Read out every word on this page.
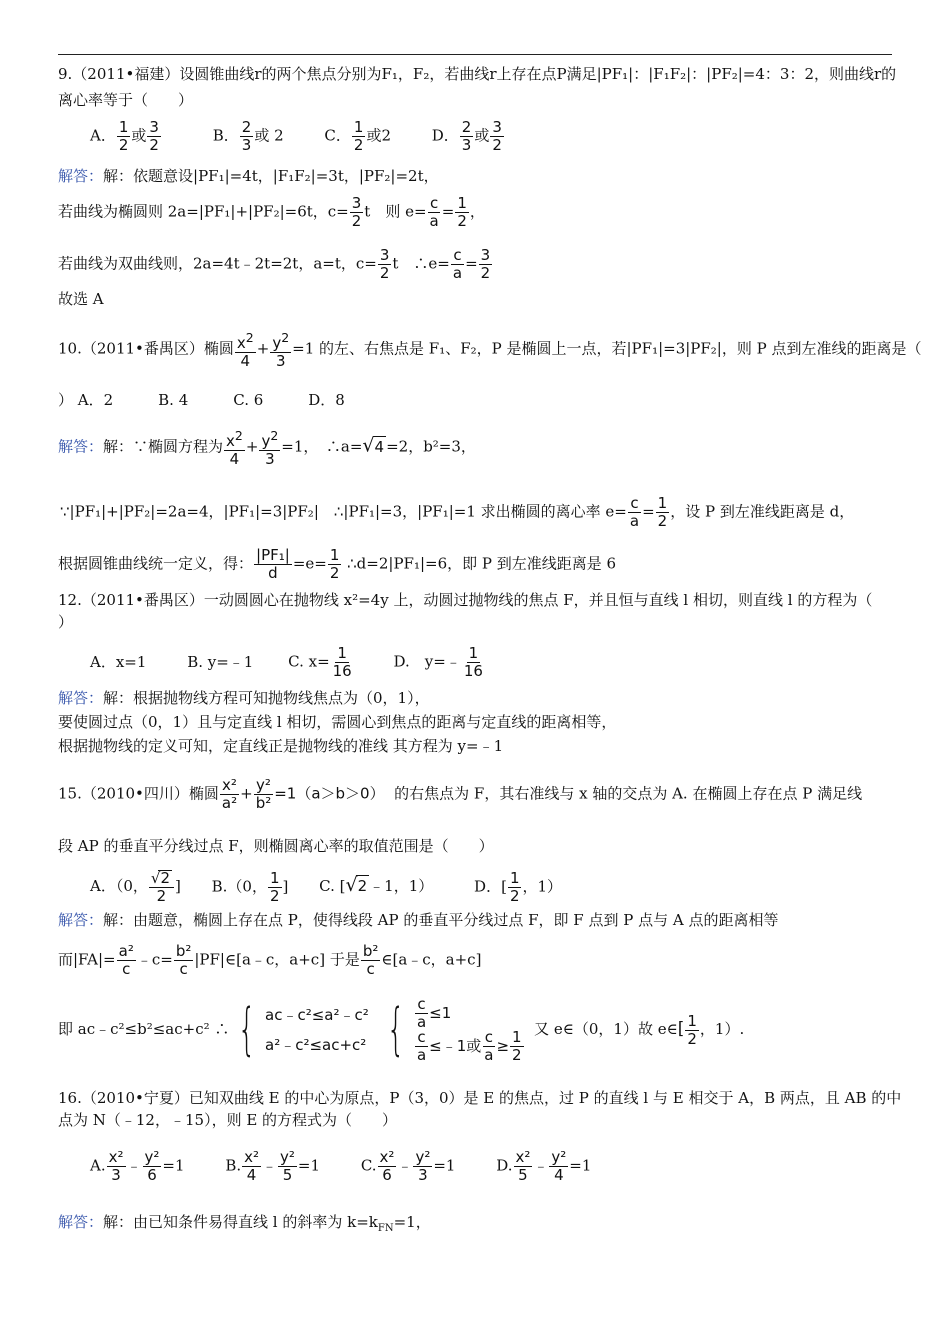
9.（2011•福建）设圆锥曲线r的两个焦点分别为F₁，F₂，若曲线r上存在点P满足|PF₁|：|F₁F₂|：|PF₂|=4：3：2，则曲线r的
离心率等于（　　）
A． $\frac{1}{2}$ 或 $\frac{3}{2}$	B． $\frac{2}{3}$ 或 2	C． $\frac{1}{2}$ 或2	D． $\frac{2}{3}$ 或 $\frac{3}{2}$
解答：解：依题意设|PF₁|=4t，|F₁F₂|=3t，|PF₂|=2t，
若曲线为椭圆则 2a=|PF₁|+|PF₂|=6t，$c= \frac{3}{2}$ t　则 $e= \frac{c}{a} = \frac{1}{2}$ ，
若曲线为双曲线则，2a=4t﹣2t=2t，a=t，$c= \frac{3}{2}$ t　∴e= $\frac{c}{a} = \frac{3}{2}$
故选 A
10.（2011•番禺区）椭圆 $\frac{x^2}{4} + \frac{y^2}{3} =1$ 的左、右焦点是 F₁、F₂，P 是椭圆上一点，若|PF₁|=3|PF₂|，则 P 点到左准线的距离是（
） A．2　　　B. 4　　　C. 6　　　D．8
解答：解：∵椭圆方程为 $\frac{x^2}{4} + \frac{y^2}{3} =1$，　∴a=√4 =2，b²=3，
∵|PF₁|+|PF₂|=2a=4，|PF₁|=3|PF₂|　∴|PF₁|=3，|PF₁|=1 求出椭圆的离心率 $e= \frac{c}{a} = \frac{1}{2}$ ，设 P 到左准线距离是 d，
根据圆锥曲线统一定义，得： $\frac{\text{|PF₁|}}{d} =e= \frac{1}{2}$ ∴d=2|PF₁|=6，即 P 到左准线距离是 6
12.（2011•番禺区）一动圆圆心在抛物线 x²=4y 上，动圆过抛物线的焦点 F，并且恒与直线 l 相切，则直线 l 的方程为（
）
A．x=1	B. y=﹣1 C. $x= \frac{1}{16}$	D.　y=﹣ $\frac{1}{16}$
解答：解：根据抛物线方程可知抛物线焦点为（0，1），
要使圆过点（0，1）且与定直线 l 相切，需圆心到焦点的距离与定直线的距离相等，
根据抛物线的定义可知，定直线正是抛物线的准线 其方程为 y=﹣1
15.（2010•四川）椭圆 $\frac{\text{x²}}{\text{a²}} + \frac{\text{y²}}{\text{b²}} =1(a>b>0)$ 的右焦点为 F，其右准线与 x 轴的交点为 A. 在椭圆上存在点 P 满足线
段 AP 的垂直平分线过点 F，则椭圆离心率的取值范围是（　　）
A．（0， $\frac{√2}{2}$ ] B.（0， $\frac{1}{2}$ ] C. [√2 ﹣1，1）	D．[ $\frac{1}{2}$ ，1）
解答：解：由题意，椭圆上存在点 P，使得线段 AP 的垂直平分线过点 F，即 F 点到 P 点与 A 点的距离相等
而$|FA|= \frac{\text{a²}}{c}$ ﹣c= $\frac{\text{b²}}{c}$ |PF|∈[a﹣c，a+c] 于是 $\frac{\text{b²}}{c}$ ∈[a﹣c，a+c]
即 ac﹣c²≤b²≤ac+c² ∴ { ac﹣c²≤a²﹣c²
a²﹣c²≤ac+c²
{ $\frac{c}{a} \le 1$
$\frac{c}{a}$ ≤﹣1或 $\frac{c}{a} \ge \frac{1}{2}$
又 e∈（0，1）故 e∈[ $\frac{1}{2}$ ，1）.
16.（2010•宁夏）已知双曲线 E 的中心为原点，P（3，0）是 E 的焦点，过 P 的直线 l 与 E 相交于 A，B 两点，且 AB 的中
点为 N（﹣12，﹣15），则 E 的方程式为（　　）
A. $\frac{\text{x²}}{3}$ ﹣ $\frac{\text{y²}}{6} =1$	B. $\frac{\text{x²}}{4}$ ﹣ $\frac{\text{y²}}{5} =1$	C. $\frac{\text{x²}}{6}$ ﹣ $\frac{\text{y²}}{3} =1$	D. $\frac{\text{x²}}{5}$ ﹣ $\frac{\text{y²}}{4} =1$
解答：解：由已知条件易得直线 l 的斜率为 $k=k_{FN}=1$，
